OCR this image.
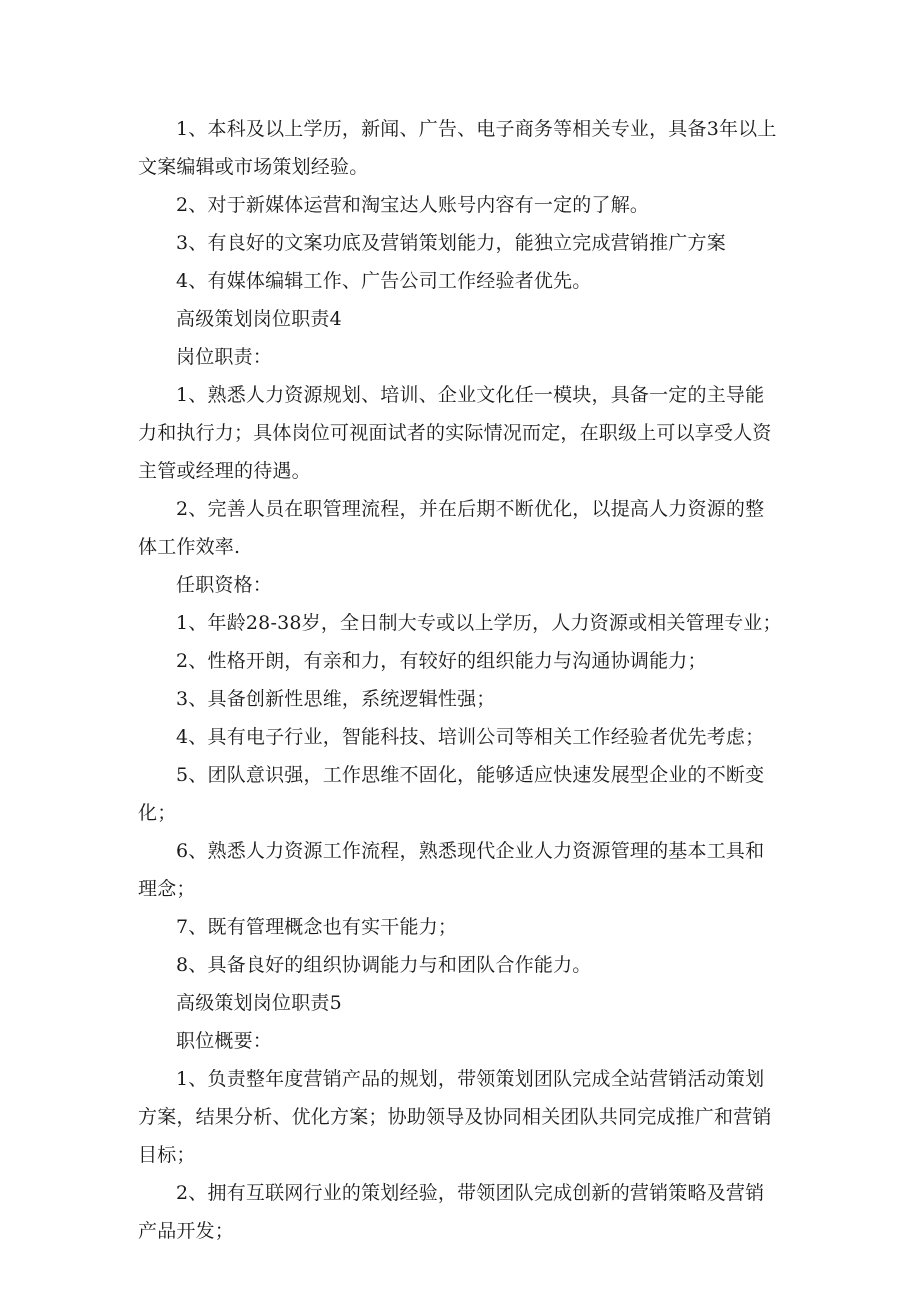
1、本科及以上学历，新闻、广告、电子商务等相关专业，具备3年以上文案编辑或市场策划经验。

2、对于新媒体运营和淘宝达人账号内容有一定的了解。

3、有良好的文案功底及营销策划能力，能独立完成营销推广方案

4、有媒体编辑工作、广告公司工作经验者优先。

高级策划岗位职责4

岗位职责：

1、熟悉人力资源规划、培训、企业文化任一模块，具备一定的主导能力和执行力；具体岗位可视面试者的实际情况而定，在职级上可以享受人资主管或经理的待遇。

2、完善人员在职管理流程，并在后期不断优化，以提高人力资源的整体工作效率.

任职资格：

1、年龄28-38岁，全日制大专或以上学历，人力资源或相关管理专业；

2、性格开朗，有亲和力，有较好的组织能力与沟通协调能力；

3、具备创新性思维，系统逻辑性强；

4、具有电子行业，智能科技、培训公司等相关工作经验者优先考虑；

5、团队意识强，工作思维不固化，能够适应快速发展型企业的不断变化；

6、熟悉人力资源工作流程，熟悉现代企业人力资源管理的基本工具和理念；

7、既有管理概念也有实干能力；

8、具备良好的组织协调能力与和团队合作能力。

高级策划岗位职责5

职位概要：

1、负责整年度营销产品的规划，带领策划团队完成全站营销活动策划方案，结果分析、优化方案；协助领导及协同相关团队共同完成推广和营销目标；

2、拥有互联网行业的策划经验，带领团队完成创新的营销策略及营销产品开发；
